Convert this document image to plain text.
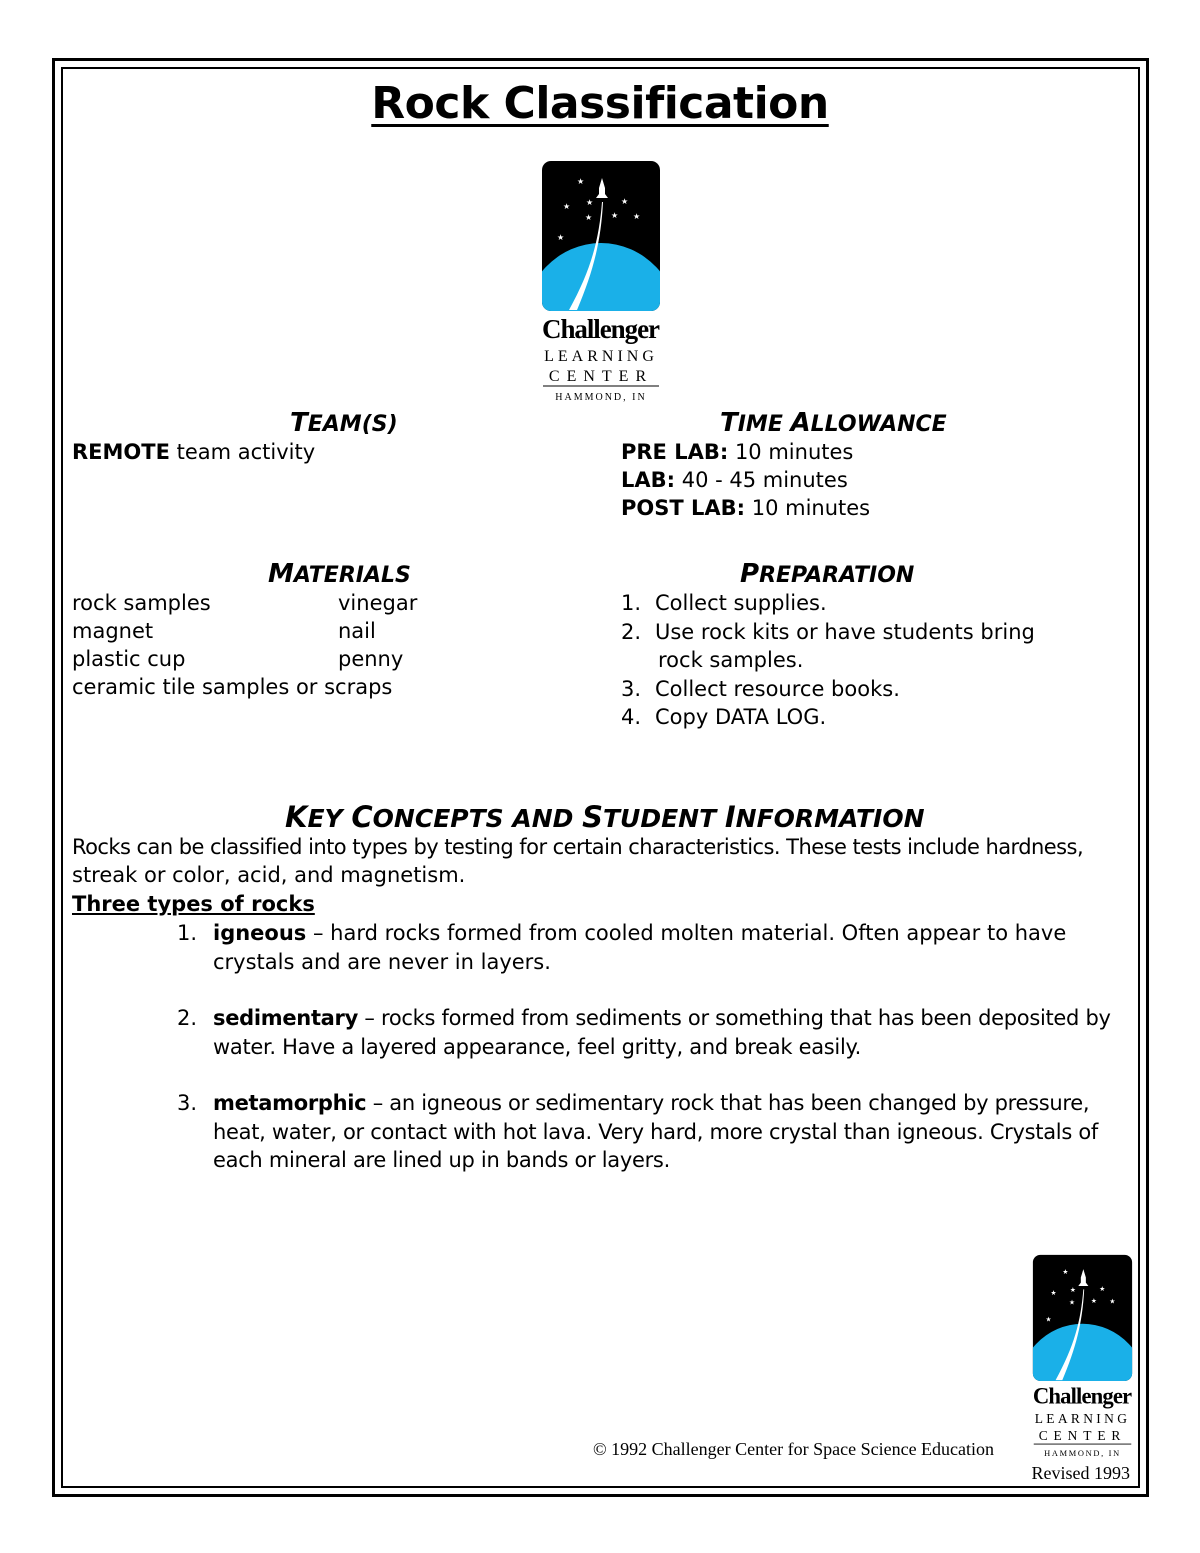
Rock Classification
★
★ ★	★
★
★
★
★
Challenger
LEARNING
CENTER
HAMMOND, IN
TEAM(S)
REMOTE team activity
TIME ALLOWANCE
PRE LAB: 10 minutes
LAB: 40 - 45 minutes
POST LAB: 10 minutes
MATERIALS
rock samples
magnet
plastic cup
ceramic tile samples or scraps
vinegar
nail
penny
PREPARATION
1. Collect supplies.
2. Use rock kits or have students bring
rock samples.
3. Collect resource books.
4. Copy DATA LOG.
KEY CONCEPTS AND STUDENT INFORMATION
Rocks can be classified into types by testing for certain characteristics. These tests include hardness,
streak or color, acid, and magnetism.
Three types of rocks
1. igneous – hard rocks formed from cooled molten material. Often appear to have crystals and are never in layers.
2. sedimentary – rocks formed from sediments or something that has been deposited by water. Have a layered appearance, feel gritty, and break easily.
3. metamorphic – an igneous or sedimentary rock that has been changed by pressure, heat, water, or contact with hot lava. Very hard, more crystal than igneous. Crystals of each mineral are lined up in bands or layers.
★
★ ★	★
★
★
★
★
Challenger
LEARNING
CENTER
HAMMOND, IN
© 1992 Challenger Center for Space Science Education
Revised 1993
